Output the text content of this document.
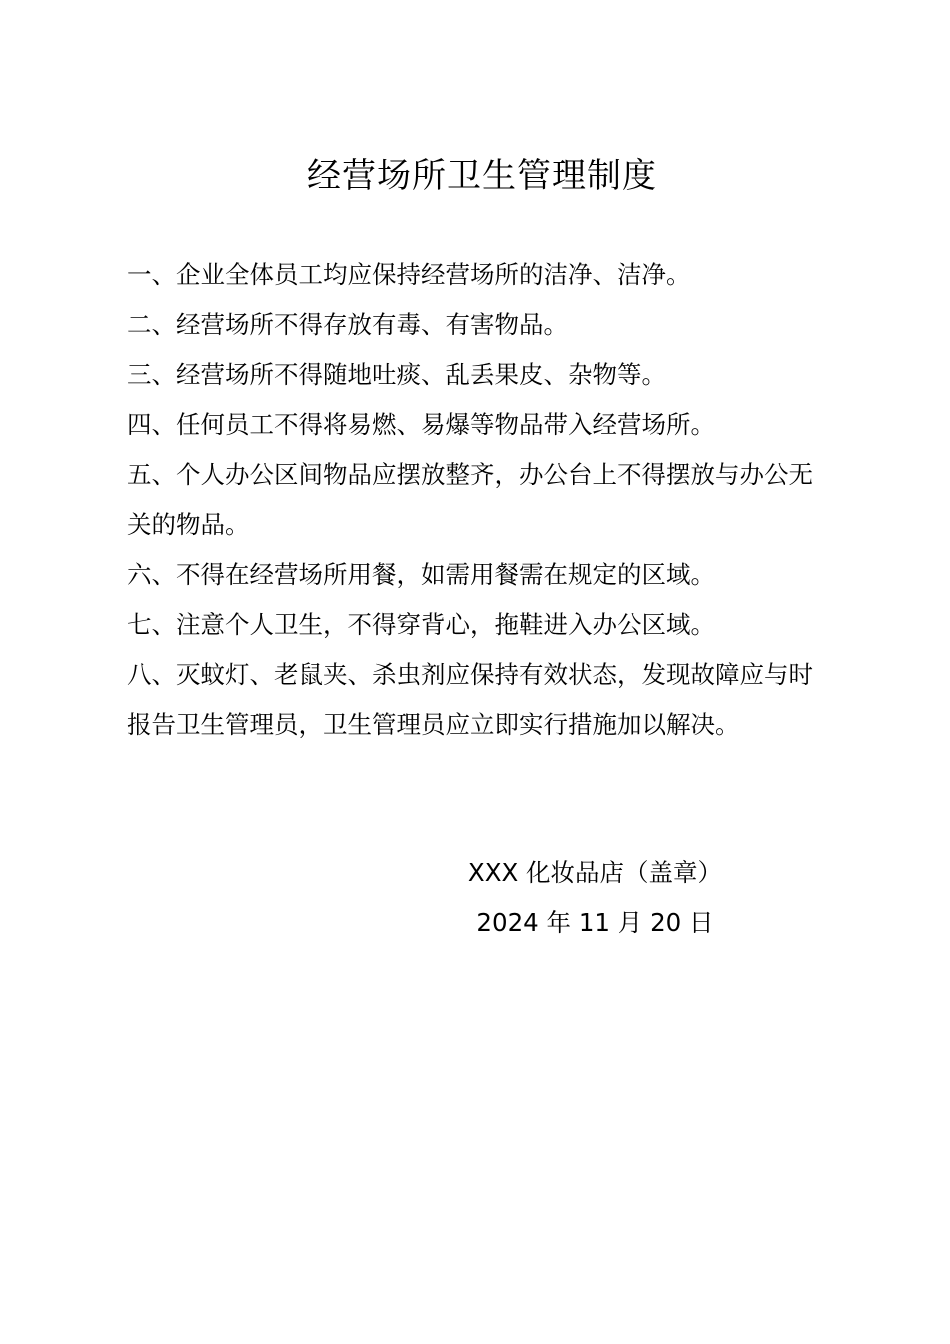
经营场所卫生管理制度
一、企业全体员工均应保持经营场所的洁净、洁净。
二、经营场所不得存放有毒、有害物品。
三、经营场所不得随地吐痰、乱丢果皮、杂物等。
四、任何员工不得将易燃、易爆等物品带入经营场所。
五、个人办公区间物品应摆放整齐，办公台上不得摆放与办公无关的物品。
六、不得在经营场所用餐，如需用餐需在规定的区域。
七、注意个人卫生，不得穿背心，拖鞋进入办公区域。
八、灭蚊灯、老鼠夹、杀虫剂应保持有效状态，发现故障应与时报告卫生管理员，卫生管理员应立即实行措施加以解决。
XXX 化妆品店（盖章）
2024 年 11 月 20 日
